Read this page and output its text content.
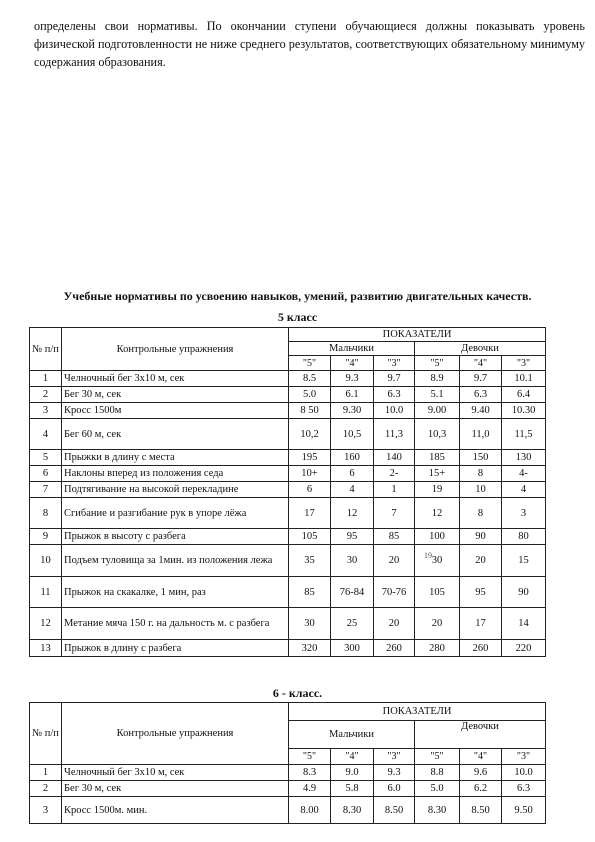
определены свои нормативы. По окончании ступени обучающиеся должны показывать уровень физической подготовленности не ниже среднего результатов, соответствующих обязательному минимуму содержания образования.

Учебные нормативы по усвоению навыков, умений, развитию двигательных качеств.

5 класс

№ п/п	Контрольные упражнения	ПОКАЗАТЕЛИ					
		Мальчики			Девочки		
		"5"	"4"	"3"	"5"	"4"	"3"
1	Челночный бег 3х10 м, сек	8.5	9.3	9.7	8.9	9.7	10.1
2	Бег 30 м, сек	5.0	6.1	6.3	5.1	6.3	6.4
3	Кросс 1500м	8 50	9.30	10.0	9.00	9.40	10.30
4	Бег 60 м, сек	10,2	10,5	11,3	10,3	11,0	11,5
5	Прыжки в длину с места	195	160	140	185	150	130
6	Наклоны вперед из положения седа	10+	6	2-	15+	8	4-
7	Подтягивание на высокой перекладине	6	4	1	19	10	4
8	Сгибание и разгибание рук в упоре лёжа	17	12	7	12	8	3
9	Прыжок в высоту с разбега	105	95	85	100	90	80
10	Подъем туловища за 1мин. из положения лежа	35	30	20	30	20	15
11	Прыжок на скакалке, 1 мин, раз	85	76-84	70-76	105	95	90
12	Метание мяча 150 г. на дальность м. с разбега	30	25	20	20	17	14
13	Прыжок в длину с разбега	320	300	260	280	260	220

6 - класс.

№ п/п	Контрольные упражнения	ПОКАЗАТЕЛИ					
		Мальчики			Девочки		
		"5"	"4"	"3"	"5"	"4"	"3"
1	Челночный бег 3х10 м, сек	8.3	9.0	9.3	8.8	9.6	10.0
2	Бег 30 м, сек	4.9	5.8	6.0	5.0	6.2	6.3
3	Кросс 1500м. мин.	8.00	8.30	8.50	8.30	8.50	9.50
19
